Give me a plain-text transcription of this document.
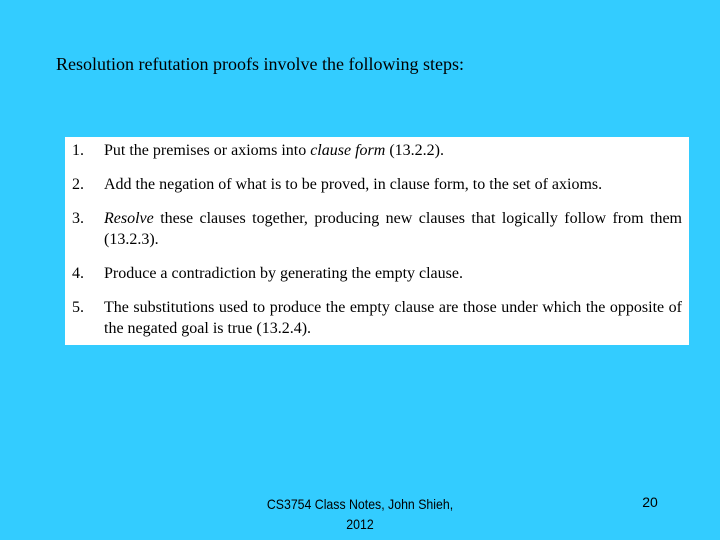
Resolution refutation proofs involve the following steps:
1.	Put the premises or axioms into clause form (13.2.2).
2.	Add the negation of what is to be proved, in clause form, to the set of axioms.
3.	Resolve these clauses together, producing new clauses that logically follow from them (13.2.3).
4.	Produce a contradiction by generating the empty clause.
5.	The substitutions used to produce the empty clause are those under which the opposite of the negated goal is true (13.2.4).
CS3754 Class Notes, John Shieh,
2012
20
